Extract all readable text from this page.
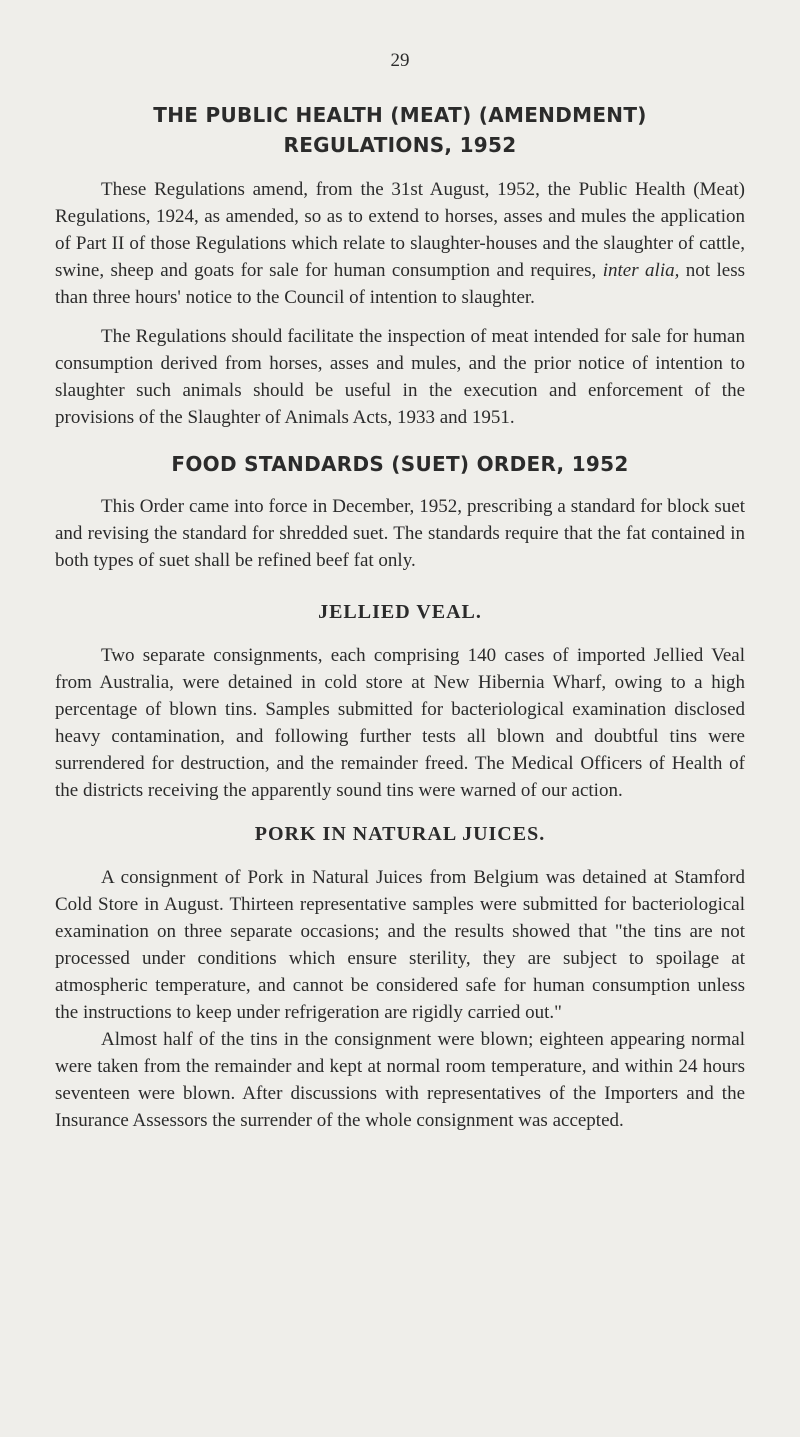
29
THE PUBLIC HEALTH (MEAT) (AMENDMENT)
REGULATIONS, 1952

These Regulations amend, from the 31st August, 1952, the Public Health (Meat) Regulations, 1924, as amended, so as to extend to horses, asses and mules the application of Part II of those Regulations which relate to slaughter-houses and the slaughter of cattle, swine, sheep and goats for sale for human consumption and requires, inter alia, not less than three hours' notice to the Council of intention to slaughter.

The Regulations should facilitate the inspection of meat intended for sale for human consumption derived from horses, asses and mules, and the prior notice of intention to slaughter such animals should be useful in the execution and enforcement of the provisions of the Slaughter of Animals Acts, 1933 and 1951.

FOOD STANDARDS (SUET) ORDER, 1952

This Order came into force in December, 1952, prescribing a standard for block suet and revising the standard for shredded suet. The standards require that the fat contained in both types of suet shall be refined beef fat only.

JELLIED VEAL.

Two separate consignments, each comprising 140 cases of imported Jellied Veal from Australia, were detained in cold store at New Hibernia Wharf, owing to a high percentage of blown tins. Samples submitted for bacteriological examination disclosed heavy contamination, and following further tests all blown and doubtful tins were surrendered for destruction, and the remainder freed. The Medical Officers of Health of the districts receiving the apparently sound tins were warned of our action.

PORK IN NATURAL JUICES.

A consignment of Pork in Natural Juices from Belgium was detained at Stamford Cold Store in August. Thirteen representative samples were submitted for bacteriological examination on three separate occasions; and the results showed that "the tins are not processed under conditions which ensure sterility, they are subject to spoilage at atmospheric temperature, and cannot be considered safe for human consumption unless the instructions to keep under refrigeration are rigidly carried out."

Almost half of the tins in the consignment were blown; eighteen appearing normal were taken from the remainder and kept at normal room temperature, and within 24 hours seventeen were blown. After discussions with representatives of the Importers and the Insurance Assessors the surrender of the whole consignment was accepted.
